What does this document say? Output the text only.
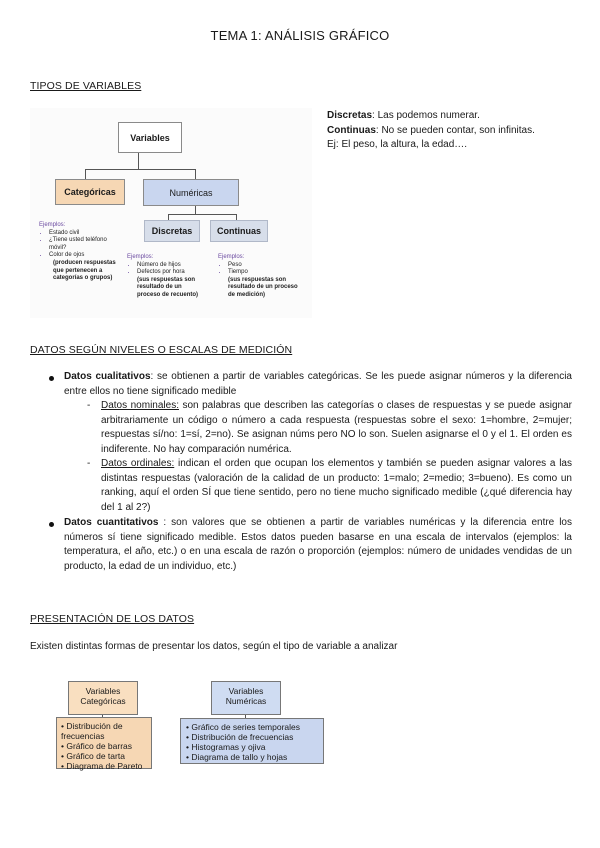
TEMA 1: ANÁLISIS GRÁFICO
TIPOS DE VARIABLES
Variables
Categóricas	Numéricas
Discretas	Continuas
Ejemplos:
• Estado civil
• ¿Tiene usted teléfono móvil?
• Color de ojos
(producen respuestas que pertenecen a categorías o grupos)
Ejemplos:
• Número de hijos
• Defectos por hora
(sus respuestas son resultado de un proceso de recuento)
Ejemplos:
• Peso
• Tiempo
(sus respuestas son resultado de un proceso de medición)
Discretas: Las podemos numerar.
Continuas: No se pueden contar, son infinitas.
Ej: El peso, la altura, la edad….
DATOS SEGÚN NIVELES O ESCALAS DE MEDICIÓN
Datos cualitativos: se obtienen a partir de variables categóricas. Se les puede asignar números y la diferencia entre ellos no tiene significado medible
- Datos nominales: son palabras que describen las categorías o clases de respuestas y se puede asignar arbitrariamente un código o número a cada respuesta (respuestas sobre el sexo: 1=hombre, 2=mujer; respuestas sí/no: 1=sí, 2=no). Se asignan núms pero NO lo son. Suelen asignarse el 0 y el 1. El orden es indiferente. No hay comparación numérica.
- Datos ordinales: indican el orden que ocupan los elementos y también se pueden asignar valores a las distintas respuestas (valoración de la calidad de un producto: 1=malo; 2=medio; 3=bueno). Es como un ranking, aquí el orden SÍ que tiene sentido, pero no tiene mucho significado medible (¿qué diferencia hay del 1 al 2?)
Datos cuantitativos : son valores que se obtienen a partir de variables numéricas y la diferencia entre los números sí tiene significado medible. Estos datos pueden basarse en una escala de intervalos (ejemplos: la temperatura, el año, etc.) o en una escala de razón o proporción (ejemplos: número de unidades vendidas de un producto, la edad de un individuo, etc.)
PRESENTACIÓN DE LOS DATOS
Existen distintas formas de presentar los datos, según el tipo de variable a analizar
Variables Categóricas
• Distribución de frecuencias
• Gráfico de barras
• Gráfico de tarta
• Diagrama de Pareto
Variables Numéricas
• Gráfico de series temporales
• Distribución de frecuencias
• Histogramas y ojiva
• Diagrama de tallo y hojas
